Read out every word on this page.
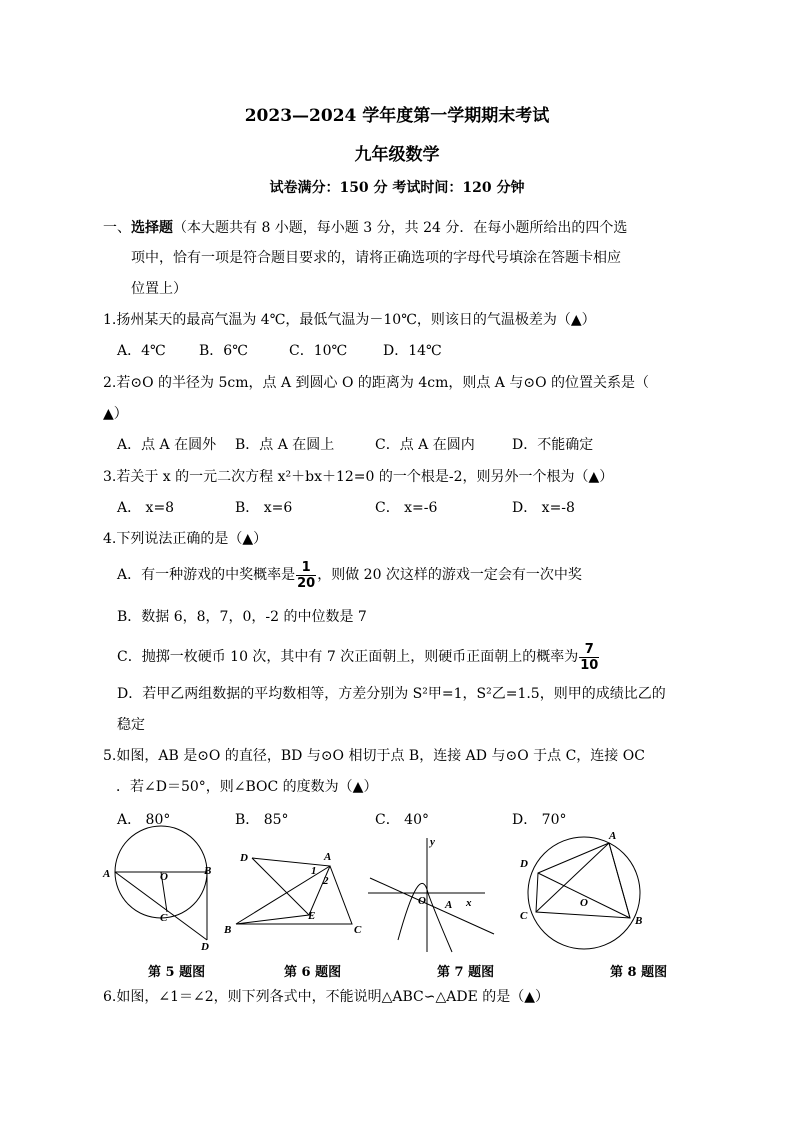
2023—2024 学年度第一学期期末考试
九年级数学
试卷满分：150 分 考试时间：120 分钟
一、选择题（本大题共有 8 小题，每小题 3 分，共 24 分．在每小题所给出的四个选
项中，恰有一项是符合题目要求的，请将正确选项的字母代号填涂在答题卡相应
位置上）
1.扬州某天的最高气温为 4℃，最低气温为－10℃，则该日的气温极差为（▲）
A．4℃ B．6℃	C．10℃	D．14℃
2.若⊙O 的半径为 5cm，点 A 到圆心 O 的距离为 4cm，则点 A 与⊙O 的位置关系是（
▲）
A．点 A 在圆外 B．点 A 在圆上	C．点 A 在圆内	D．不能确定
3.若关于 x 的一元二次方程 x²＋bx＋12=0 的一个根是-2，则另外一个根为（▲）
A． x=8	B． x=6	C． x=-6	D． x=-8
4.下列说法正确的是（▲）
A．有一种游戏的中奖概率是 $\frac{1}{20}$ ，则做 20 次这样的游戏一定会有一次中奖
B．数据 6，8，7，0，-2 的中位数是 7
C．抛掷一枚硬币 10 次，其中有 7 次正面朝上，则硬币正面朝上的概率为 $\frac{7}{10}$
D．若甲乙两组数据的平均数相等，方差分别为 S²甲=1，S²乙=1.5，则甲的成绩比乙的
稳定
5.如图，AB 是⊙O 的直径，BD 与⊙O 相切于点 B，连接 AD 与⊙O 于点 C，连接 OC
．若∠D＝50°，则∠BOC 的度数为（▲）
A． 80°	B． 85°	C． 40°	D． 70°
A	O	B
C
D
D	A
1
2
E
B	C
y
O A x
A
D
O
C	B
第 5 题图	第 6 题图	第 7 题图	第 8 题图
6.如图，∠1＝∠2，则下列各式中，不能说明△ABC∽△ADE 的是（▲）
